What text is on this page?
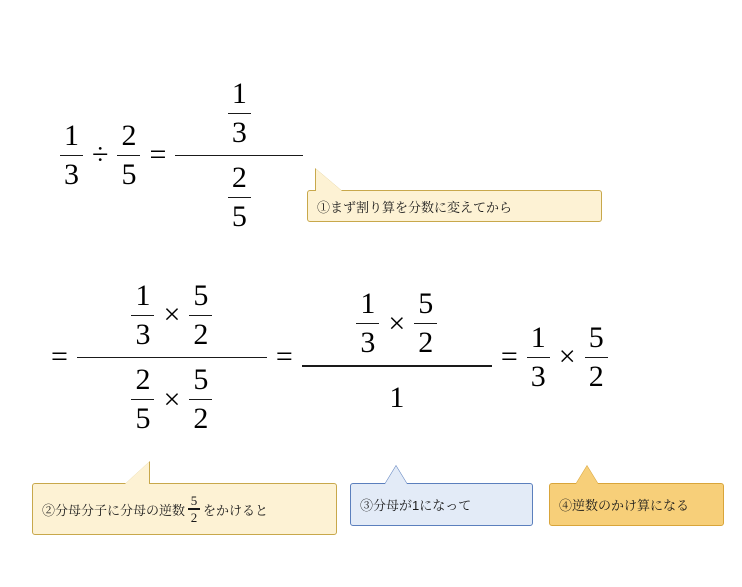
$\frac{1}{3} \div \frac{2}{5} = \frac{\frac{1}{3}}{\frac{2}{5}}$ ①まず割り算を分数に変えてから
=
$\frac{1}{3} \times \frac{5}{2}$
$\frac{2}{5} \times \frac{5}{2}$
=	$\frac{1}{3} \times \frac{5}{2}$
1
= $\frac{1}{3} \times \frac{5}{2}$
②分母分子に分母の逆数 $\frac{5}{2}$ をかけると	③分母が1になって	④逆数のかけ算になる
